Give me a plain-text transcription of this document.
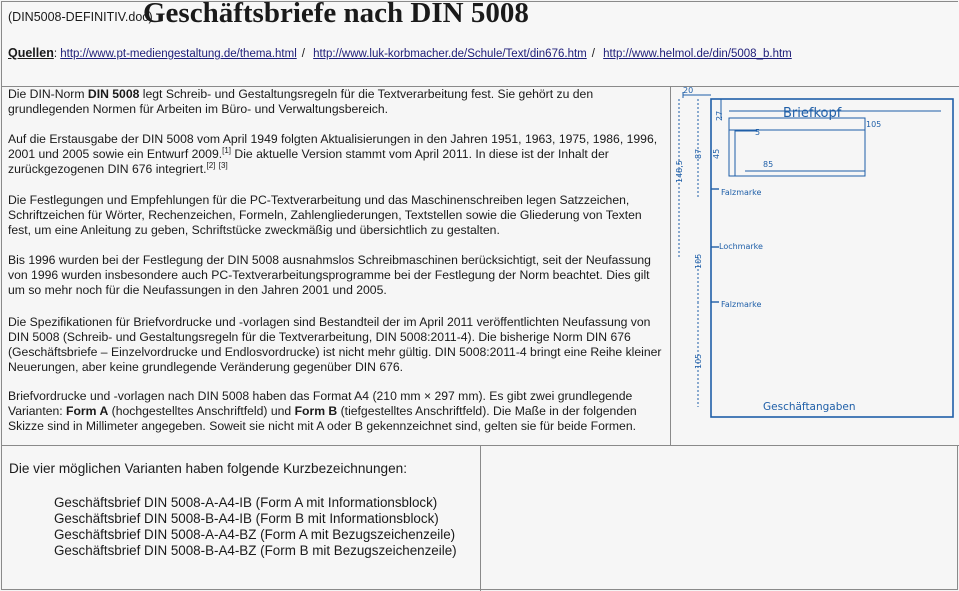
(DIN5008-DEFINITIV.doc)
Geschäftsbriefe nach DIN 5008
Quellen: http://www.pt-mediengestaltung.de/thema.html / http://www.luk-korbmacher.de/Schule/Text/din676.htm / http://www.helmol.de/din/5008_b.htm

Die DIN-Norm DIN 5008 legt Schreib- und Gestaltungsregeln für die Textverarbeitung fest. Sie gehört zu den grundlegenden Normen für Arbeiten im Büro- und Verwaltungsbereich.

Auf die Erstausgabe der DIN 5008 vom April 1949 folgten Aktualisierungen in den Jahren 1951, 1963, 1975, 1986, 1996, 2001 und 2005 sowie ein Entwurf 2009.[1] Die aktuelle Version stammt vom April 2011. In diese ist der Inhalt der zurückgezogenen DIN 676 integriert.[2] [3]

Die Festlegungen und Empfehlungen für die PC-Textverarbeitung und das Maschinenschreiben legen Satzzeichen, Schriftzeichen für Wörter, Rechenzeichen, Formeln, Zahlengliederungen, Textstellen sowie die Gliederung von Texten fest, um eine Anleitung zu geben, Schriftstücke zweckmäßig und übersichtlich zu gestalten.

Bis 1996 wurden bei der Festlegung der DIN 5008 ausnahmslos Schreibmaschinen berücksichtigt, seit der Neufassung von 1996 wurden insbesondere auch PC-Textverarbeitungsprogramme bei der Festlegung der Norm beachtet. Dies gilt um so mehr noch für die Neufassungen in den Jahren 2001 und 2005.

Die Spezifikationen für Briefvordrucke und -vorlagen sind Bestandteil der im April 2011 veröffentlichten Neufassung von DIN 5008 (Schreib- und Gestaltungsregeln für die Textverarbeitung, DIN 5008:2011-4). Die bisherige Norm DIN 676 (Geschäftsbriefe – Einzelvordrucke und Endlosvordrucke) ist nicht mehr gültig. DIN 5008:2011-4 bringt eine Reihe kleiner Neuerungen, aber keine grundlegende Veränderung gegenüber DIN 676.

Briefvordrucke und -vorlagen nach DIN 5008 haben das Format A4 (210 mm × 297 mm). Es gibt zwei grundlegende Varianten: Form A (hochgestelltes Anschriftfeld) und Form B (tiefgestelltes Anschriftfeld). Die Maße in der folgenden Skizze sind in Millimeter angegeben. Soweit sie nicht mit A oder B gekennzeichnet sind, gelten sie für beide Formen.

20
Briefkopf
105
5
85
Falzmarke
Lochmarke
Falzmarke
Geschäftangaben
27
45
87
148,5
105
105
Die vier möglichen Varianten haben folgende Kurzbezeichnungen:
Geschäftsbrief DIN 5008-A-A4-IB (Form A mit Informationsblock)
Geschäftsbrief DIN 5008-B-A4-IB (Form B mit Informationsblock)
Geschäftsbrief DIN 5008-A-A4-BZ (Form A mit Bezugszeichenzeile)
Geschäftsbrief DIN 5008-B-A4-BZ (Form B mit Bezugszeichenzeile)
